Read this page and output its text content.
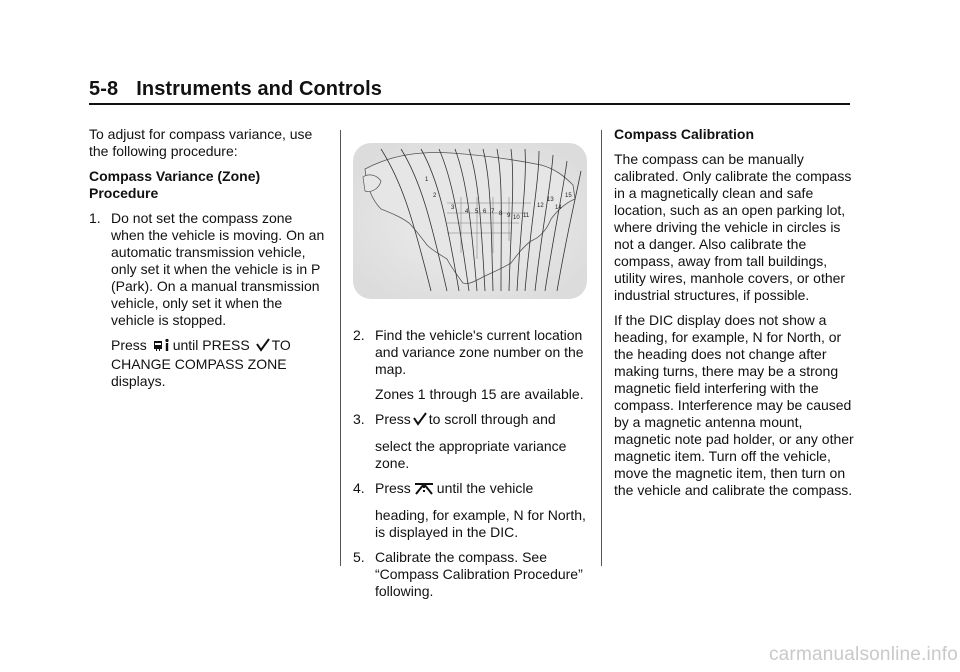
5-8 Instruments and Controls

To adjust for compass variance, use the following procedure:

Compass Variance (Zone) Procedure

1. Do not set the compass zone when the vehicle is moving. On an automatic transmission vehicle, only set it when the vehicle is in P (Park). On a manual transmission vehicle, only set it when the vehicle is stopped.

Press until PRESS TO CHANGE COMPASS ZONE displays.

2. Find the vehicle's current location and variance zone number on the map.

Zones 1 through 15 are available.

3. Press to scroll through and

select the appropriate variance zone.

4. Press until the vehicle

heading, for example, N for North, is displayed in the DIC.

5. Calibrate the compass. See “Compass Calibration Procedure” following.
1
2
3
4 5 6 7 8 9 10 11
12
13
14
15

Compass Calibration

The compass can be manually calibrated. Only calibrate the compass in a magnetically clean and safe location, such as an open parking lot, where driving the vehicle in circles is not a danger. Also calibrate the compass, away from tall buildings, utility wires, manhole covers, or other industrial structures, if possible.

If the DIC display does not show a heading, for example, N for North, or the heading does not change after making turns, there may be a strong magnetic field interfering with the compass. Interference may be caused by a magnetic antenna mount, magnetic note pad holder, or any other magnetic item. Turn off the vehicle, move the magnetic item, then turn on the vehicle and calibrate the compass.

carmanualsonline.info
